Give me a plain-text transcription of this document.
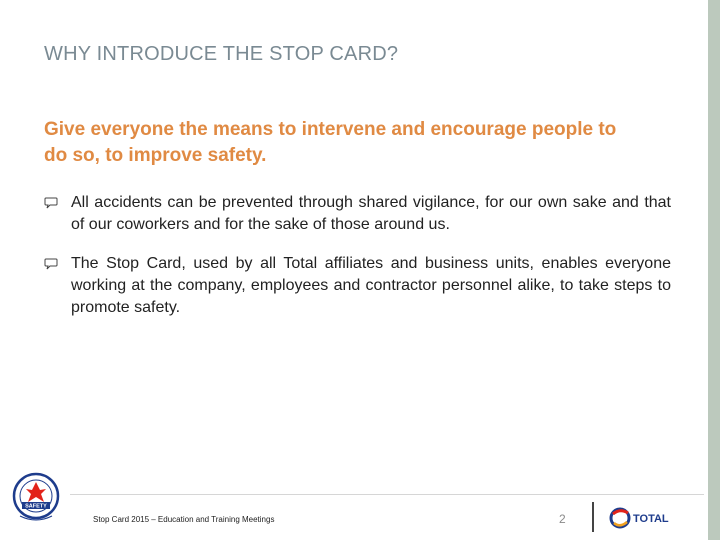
WHY INTRODUCE THE STOP CARD?
Give everyone the means to intervene and encourage people to do so, to improve safety.
All accidents can be prevented through shared vigilance, for our own sake and that of our coworkers and for the sake of those around us.
The Stop Card, used by all Total affiliates and business units, enables everyone working at the company, employees and contractor personnel alike, to take steps to promote safety.
SAFETY
Stop Card 2015 – Education and Training Meetings	2	TOTAL
